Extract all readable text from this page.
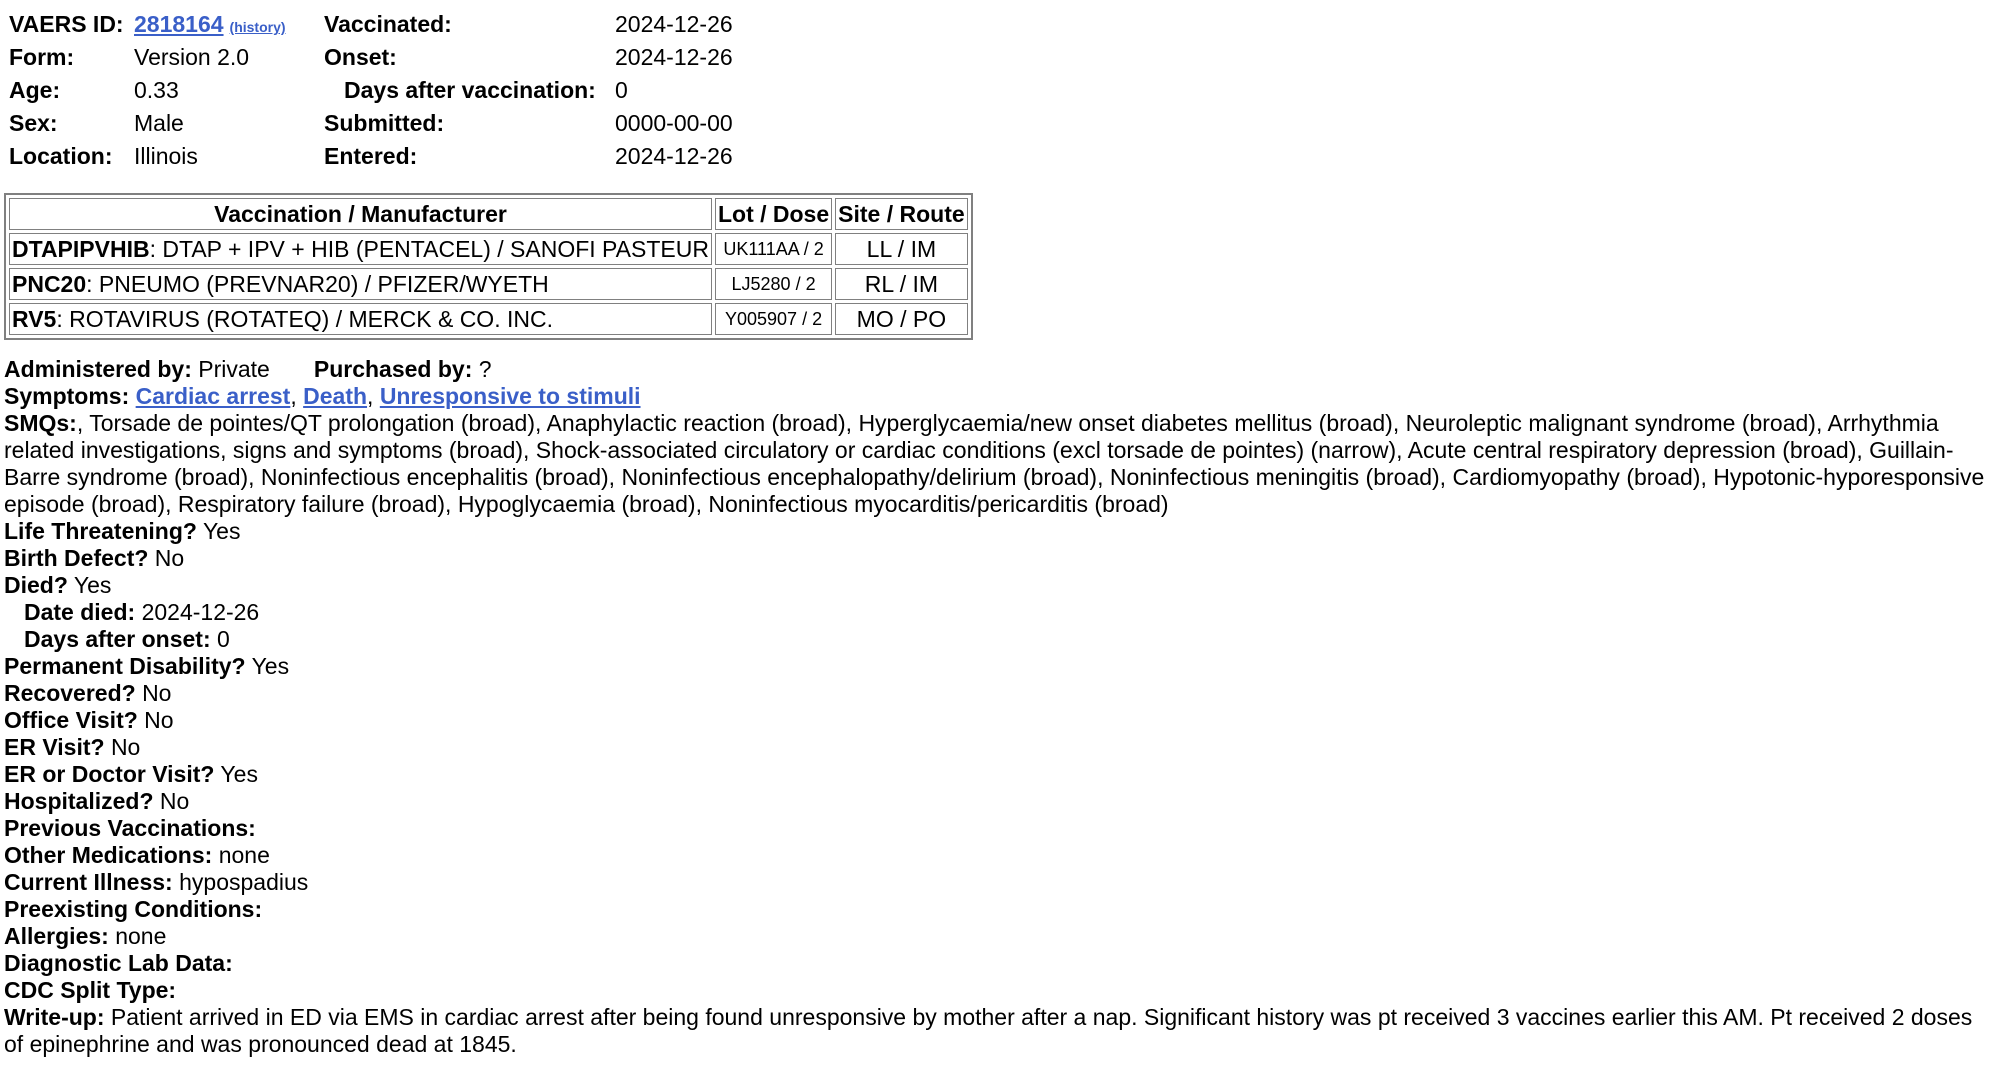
VAERS ID: 2818164 (history) Vaccinated:	2024-12-26
Form:	Version 2.0	Onset:	2024-12-26
Age:	0.33	Days after vaccination: 0
Sex:	Male	Submitted:	0000-00-00
Location: Illinois	Entered:	2024-12-26
Vaccination / Manufacturer	Lot / Dose	Site / Route
DTAPIPVHIB: DTAP + IPV + HIB (PENTACEL) / SANOFI PASTEUR	UK111AA / 2	LL / IM
PNC20: PNEUMO (PREVNAR20) / PFIZER/WYETH	LJ5280 / 2	RL / IM
RV5: ROTAVIRUS (ROTATEQ) / MERCK & CO. INC.	Y005907 / 2	MO / PO
Administered by: Private Purchased by: ?
Symptoms: Cardiac arrest, Death, Unresponsive to stimuli
SMQs:, Torsade de pointes/QT prolongation (broad), Anaphylactic reaction (broad), Hyperglycaemia/new onset diabetes mellitus (broad), Neuroleptic malignant syndrome (broad), Arrhythmia related investigations, signs and symptoms (broad), Shock-associated circulatory or cardiac conditions (excl torsade de pointes) (narrow), Acute central respiratory depression (broad), Guillain-Barre syndrome (broad), Noninfectious encephalitis (broad), Noninfectious encephalopathy/delirium (broad), Noninfectious meningitis (broad), Cardiomyopathy (broad), Hypotonic-hyporesponsive episode (broad), Respiratory failure (broad), Hypoglycaemia (broad), Noninfectious myocarditis/pericarditis (broad)
Life Threatening? Yes
Birth Defect? No
Died? Yes
Date died: 2024-12-26
Days after onset: 0
Permanent Disability? Yes
Recovered? No
Office Visit? No
ER Visit? No
ER or Doctor Visit? Yes
Hospitalized? No
Previous Vaccinations:
Other Medications: none
Current Illness: hypospadius
Preexisting Conditions:
Allergies: none
Diagnostic Lab Data:
CDC Split Type:
Write-up: Patient arrived in ED via EMS in cardiac arrest after being found unresponsive by mother after a nap. Significant history was pt received 3 vaccines earlier this AM. Pt received 2 doses of epinephrine and was pronounced dead at 1845.
